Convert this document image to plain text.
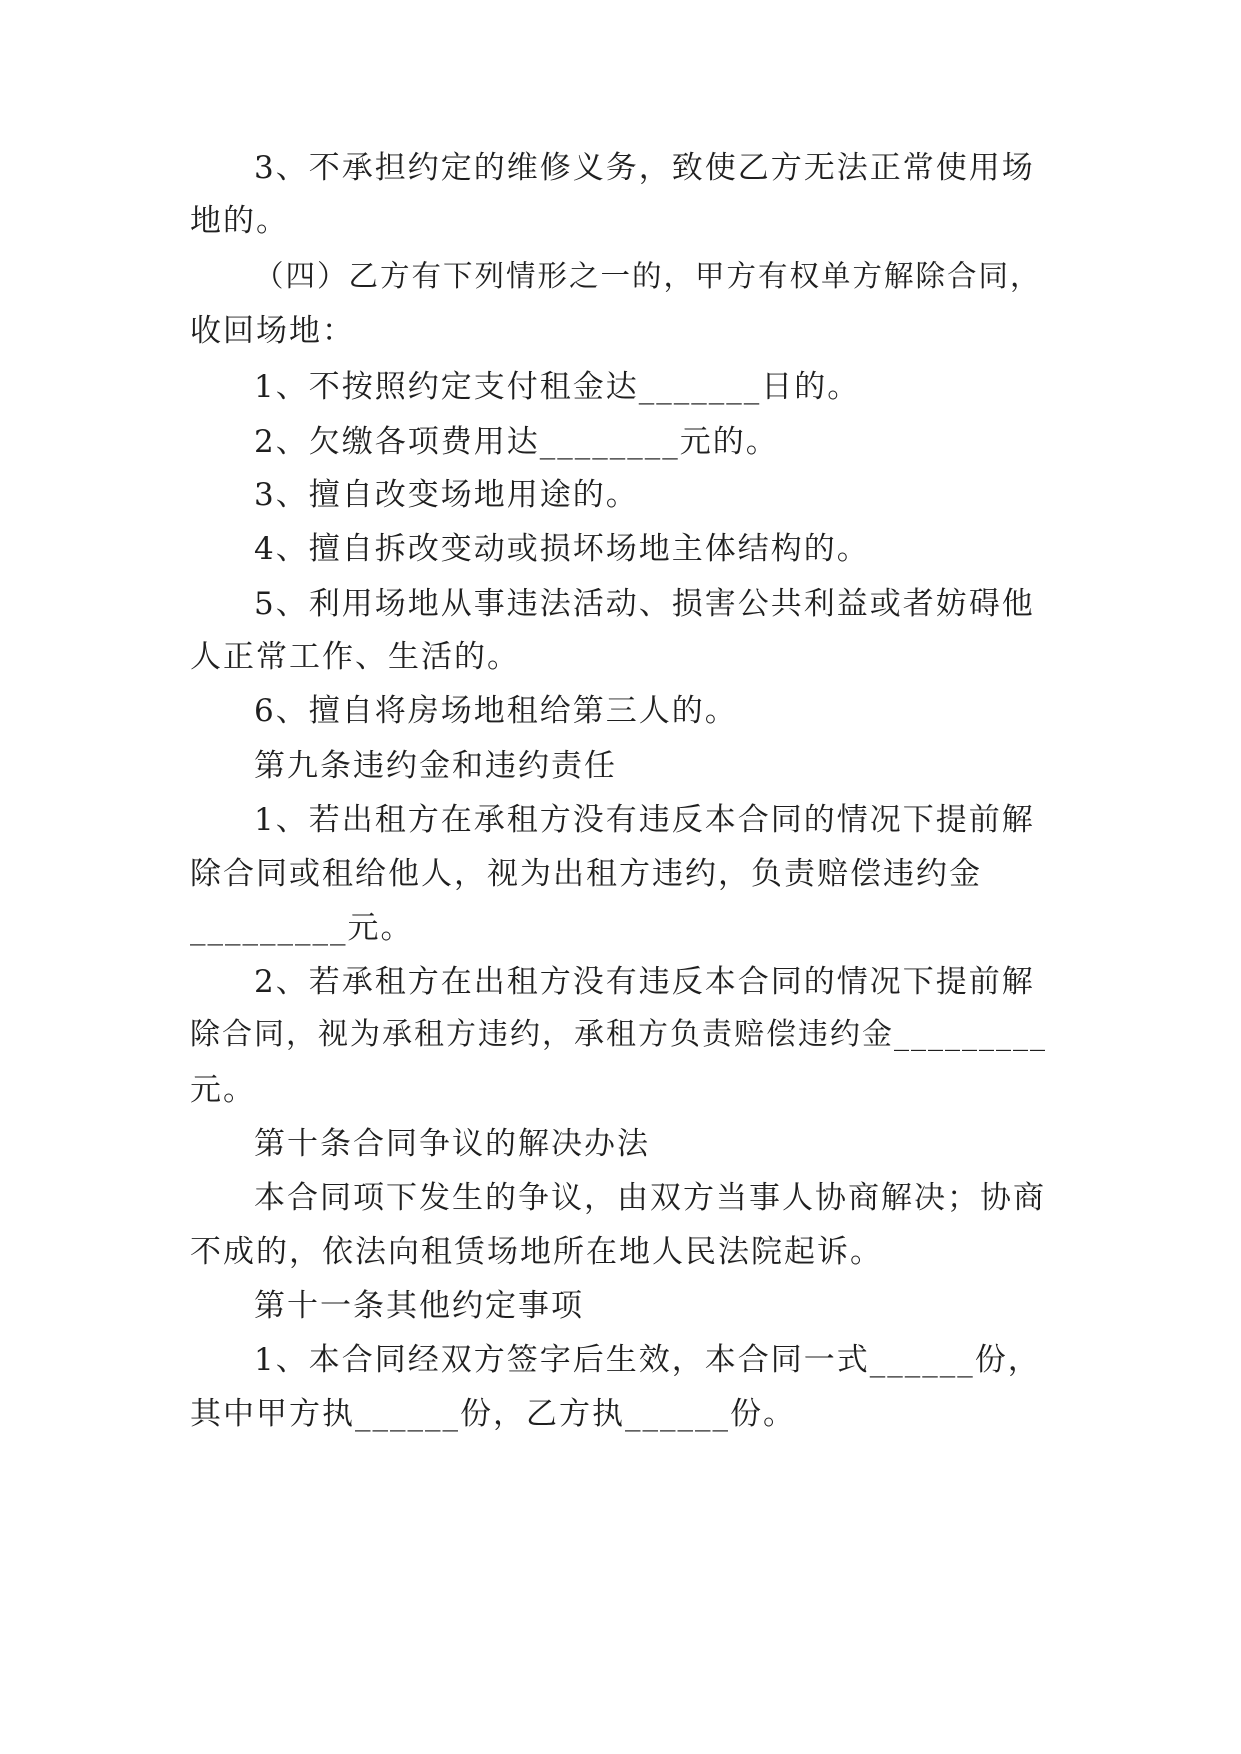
3、不承担约定的维修义务，致使乙方无法正常使用场
地的。
（四）乙方有下列情形之一的，甲方有权单方解除合同，
收回场地：
1、不按照约定支付租金达_______日的。
2、欠缴各项费用达________元的。
3、擅自改变场地用途的。
4、擅自拆改变动或损坏场地主体结构的。
5、利用场地从事违法活动、损害公共利益或者妨碍他
人正常工作、生活的。
6、擅自将房场地租给第三人的。
第九条违约金和违约责任
1、若出租方在承租方没有违反本合同的情况下提前解
除合同或租给他人，视为出租方违约，负责赔偿违约金
_________元。
2、若承租方在出租方没有违反本合同的情况下提前解
除合同，视为承租方违约，承租方负责赔偿违约金_________
元。
第十条合同争议的解决办法
本合同项下发生的争议，由双方当事人协商解决；协商
不成的，依法向租赁场地所在地人民法院起诉。
第十一条其他约定事项
1、本合同经双方签字后生效，本合同一式______份，
其中甲方执______份，乙方执______份。
